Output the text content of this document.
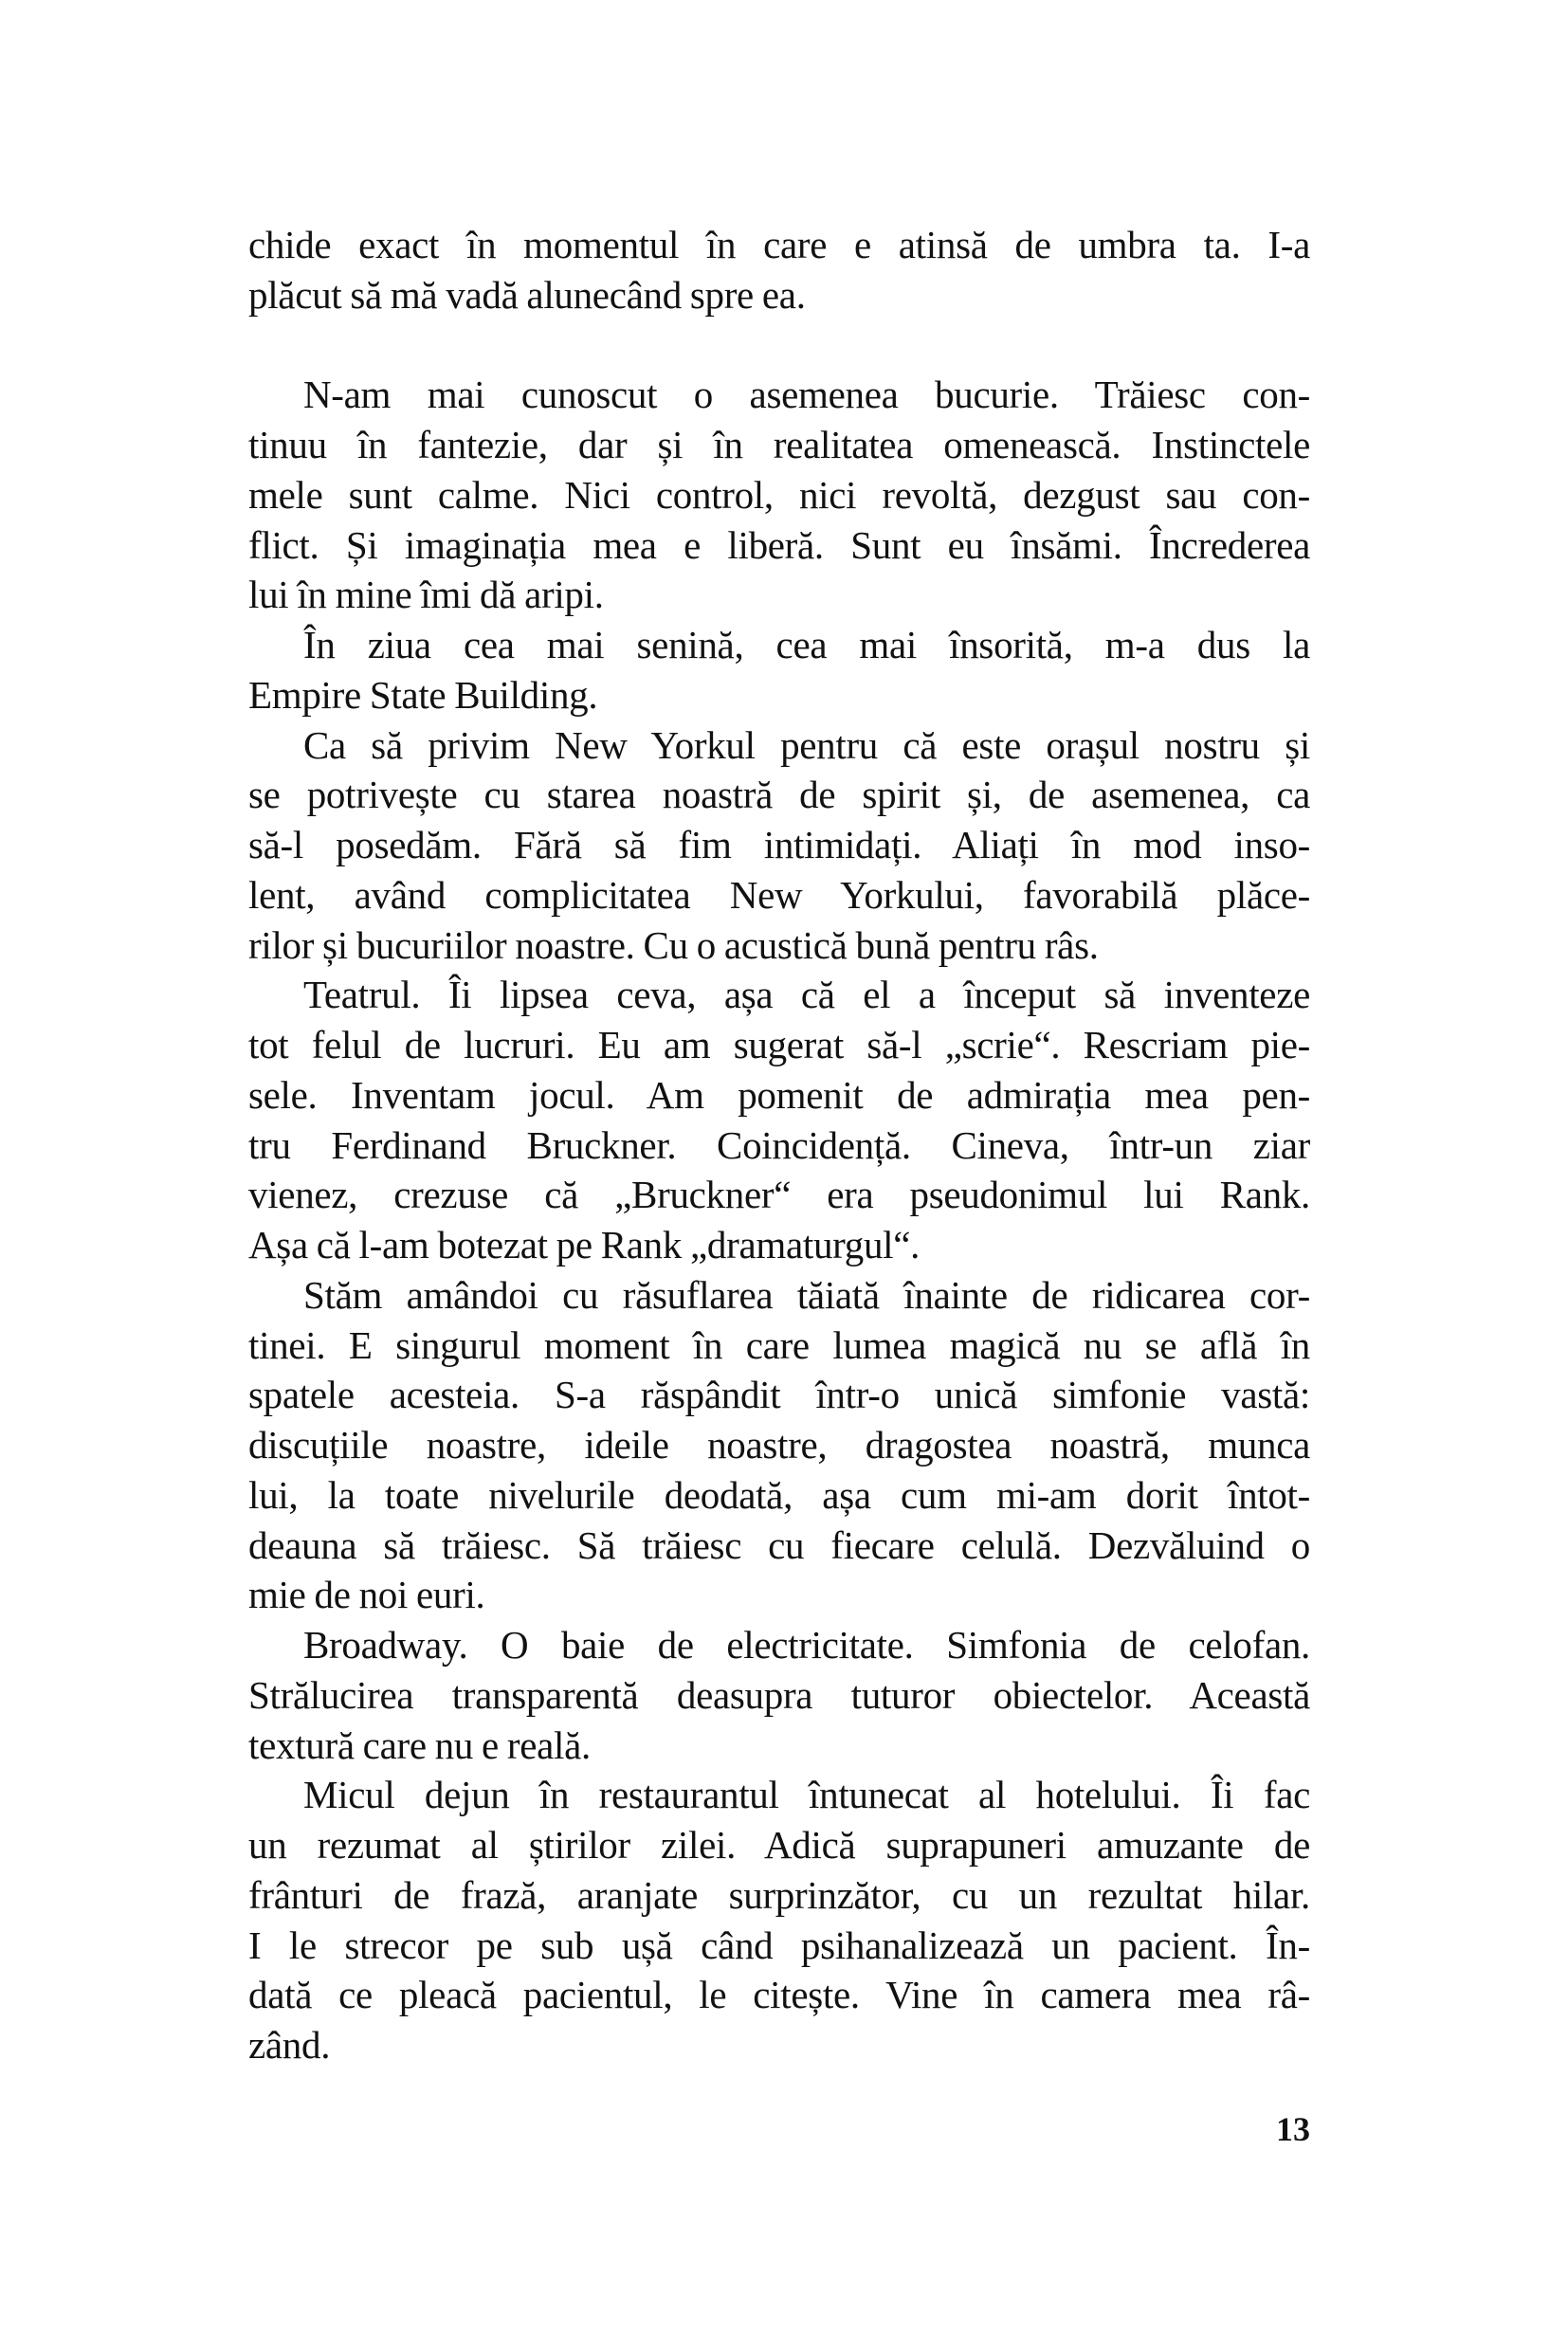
chide exact în momentul în care e atinsă de umbra ta. I-a
plăcut să mă vadă alunecând spre ea.
N-am mai cunoscut o asemenea bucurie. Trăiesc con-
tinuu în fantezie, dar și în realitatea omenească. Instinctele
mele sunt calme. Nici control, nici revoltă, dezgust sau con-
flict. Și imaginația mea e liberă. Sunt eu însămi. Încrederea
lui în mine îmi dă aripi.
În ziua cea mai senină, cea mai însorită, m-a dus la
Empire State Building.
Ca să privim New Yorkul pentru că este orașul nostru și
se potrivește cu starea noastră de spirit și, de asemenea, ca
să-l posedăm. Fără să fim intimidați. Aliați în mod inso-
lent, având complicitatea New Yorkului, favorabilă plăce-
rilor și bucuriilor noastre. Cu o acustică bună pentru râs.
Teatrul. Îi lipsea ceva, așa că el a început să inventeze
tot felul de lucruri. Eu am sugerat să-l „scrie“. Rescriam pie-
sele. Inventam jocul. Am pomenit de admirația mea pen-
tru Ferdinand Bruckner. Coincidență. Cineva, într-un ziar
vienez, crezuse că „Bruckner“ era pseudonimul lui Rank.
Așa că l-am botezat pe Rank „dramaturgul“.
Stăm amândoi cu răsuflarea tăiată înainte de ridicarea cor-
tinei. E singurul moment în care lumea magică nu se află în
spatele acesteia. S-a răspândit într-o unică simfonie vastă:
discuțiile noastre, ideile noastre, dragostea noastră, munca
lui, la toate nivelurile deodată, așa cum mi-am dorit întot-
deauna să trăiesc. Să trăiesc cu fiecare celulă. Dezvăluind o
mie de noi euri.
Broadway. O baie de electricitate. Simfonia de celofan.
Strălucirea transparentă deasupra tuturor obiectelor. Această
textură care nu e reală.
Micul dejun în restaurantul întunecat al hotelului. Îi fac
un rezumat al știrilor zilei. Adică suprapuneri amuzante de
frânturi de frază, aranjate surprinzător, cu un rezultat hilar.
I le strecor pe sub ușă când psihanalizează un pacient. În-
dată ce pleacă pacientul, le citește. Vine în camera mea râ-
zând.
13
